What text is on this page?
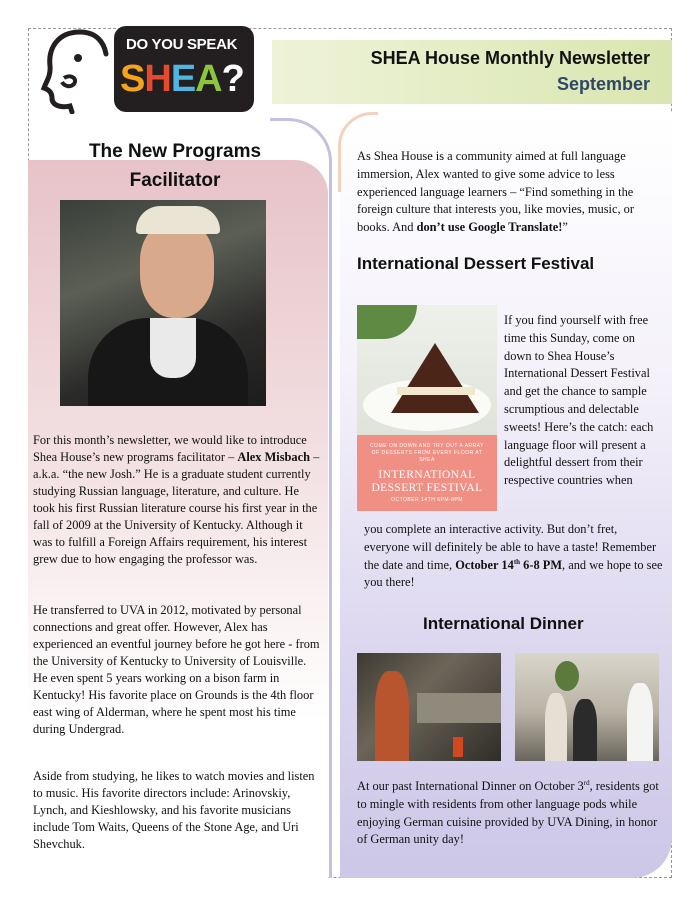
DO YOU SPEAK
SHEA?	SHEA House Monthly Newsletter
September
The New Programs
Facilitator

For this month’s newsletter, we would like to introduce Shea House’s new programs facilitator – Alex Misbach – a.k.a. “the new Josh.” He is a graduate student currently studying Russian language, literature, and culture. He took his first Russian literature course his first year in the fall of 2009 at the University of Kentucky. Although it was to fulfill a Foreign Affairs requirement, his interest grew due to how engaging the professor was.

He transferred to UVA in 2012, motivated by personal connections and great offer. However, Alex has experienced an eventful journey before he got here - from the University of Kentucky to University of Louisville. He even spent 5 years working on a bison farm in Kentucky! His favorite place on Grounds is the 4th floor east wing of Alderman, where he spent most his time during Undergrad.

Aside from studying, he likes to watch movies and listen to music. His favorite directors include: Arinovskiy, Lynch, and Kieshlowsky, and his favorite musicians include Tom Waits, Queens of the Stone Age, and Uri Shevchuk.

As Shea House is a community aimed at full language immersion, Alex wanted to give some advice to less experienced language learners – “Find something in the foreign culture that interests you, like movies, music, or books. And don’t use Google Translate!”

International Dessert Festival
COME ON DOWN AND TRY OUT A ARRAY OF DESSERTS FROM EVERY FLOOR AT SHEA
INTERNATIONAL DESSERT FESTIVAL
OCTOBER 14TH 6PM-8PM

If you find yourself with free time this Sunday, come on down to Shea House’s International Dessert Festival and get the chance to sample scrumptious and delectable sweets! Here’s the catch: each language floor will present a delightful dessert from their respective countries when

you complete an interactive activity. But don’t fret, everyone will definitely be able to have a taste! Remember the date and time, October 14th 6-8 PM, and we hope to see you there!

International Dinner

At our past International Dinner on October 3rd, residents got to mingle with residents from other language pods while enjoying German cuisine provided by UVA Dining, in honor of German unity day!
